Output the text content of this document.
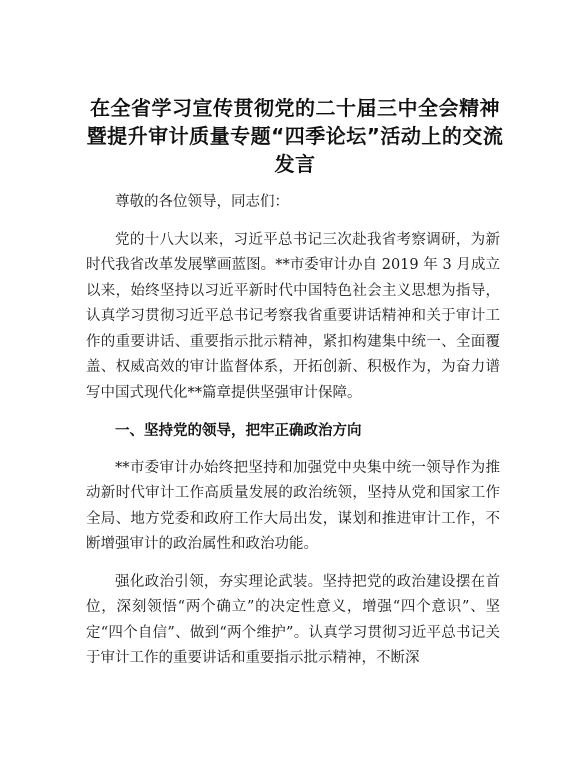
在全省学习宣传贯彻党的二十届三中全会精神暨提升审计质量专题“四季论坛”活动上的交流发言

尊敬的各位领导，同志们：

党的十八大以来，习近平总书记三次赴我省考察调研，为新时代我省改革发展擘画蓝图。**市委审计办自 2019 年 3 月成立以来，始终坚持以习近平新时代中国特色社会主义思想为指导，认真学习贯彻习近平总书记考察我省重要讲话精神和关于审计工作的重要讲话、重要指示批示精神，紧扣构建集中统一、全面覆盖、权威高效的审计监督体系，开拓创新、积极作为，为奋力谱写中国式现代化**篇章提供坚强审计保障。

一、坚持党的领导，把牢正确政治方向

**市委审计办始终把坚持和加强党中央集中统一领导作为推动新时代审计工作高质量发展的政治统领，坚持从党和国家工作全局、地方党委和政府工作大局出发，谋划和推进审计工作，不断增强审计的政治属性和政治功能。

强化政治引领，夯实理论武装。坚持把党的政治建设摆在首位，深刻领悟“两个确立”的决定性意义，增强“四个意识”、坚定“四个自信”、做到“两个维护”。认真学习贯彻习近平总书记关于审计工作的重要讲话和重要指示批示精神，不断深
